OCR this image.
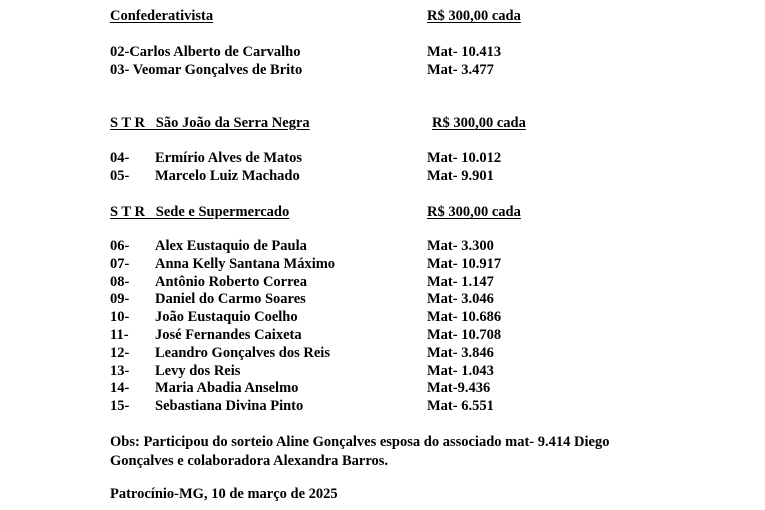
Confederativista	R$ 300,00 cada
02-Carlos Alberto de Carvalho	Mat- 10.413
03- Veomar Gonçalves de Brito	Mat- 3.477
S T R   São João da Serra Negra	R$ 300,00 cada
04- Ermírio Alves de Matos	Mat- 10.012
05- Marcelo Luiz Machado	Mat- 9.901
S T R   Sede e Supermercado	R$ 300,00 cada
06- Alex Eustaquio de Paula	Mat- 3.300
07- Anna Kelly Santana Máximo	Mat- 10.917
08- Antônio Roberto Correa	Mat- 1.147
09- Daniel do Carmo Soares	Mat- 3.046
10- João Eustaquio Coelho	Mat- 10.686
11- José Fernandes Caixeta	Mat- 10.708
12- Leandro Gonçalves dos Reis	Mat- 3.846
13- Levy dos Reis	Mat- 1.043
14- Maria Abadia Anselmo	Mat-9.436
15- Sebastiana Divina Pinto	Mat- 6.551
Obs: Participou do sorteio Aline Gonçalves esposa do associado mat- 9.414 Diego
Gonçalves e colaboradora Alexandra Barros.
Patrocínio-MG, 10 de março de 2025
